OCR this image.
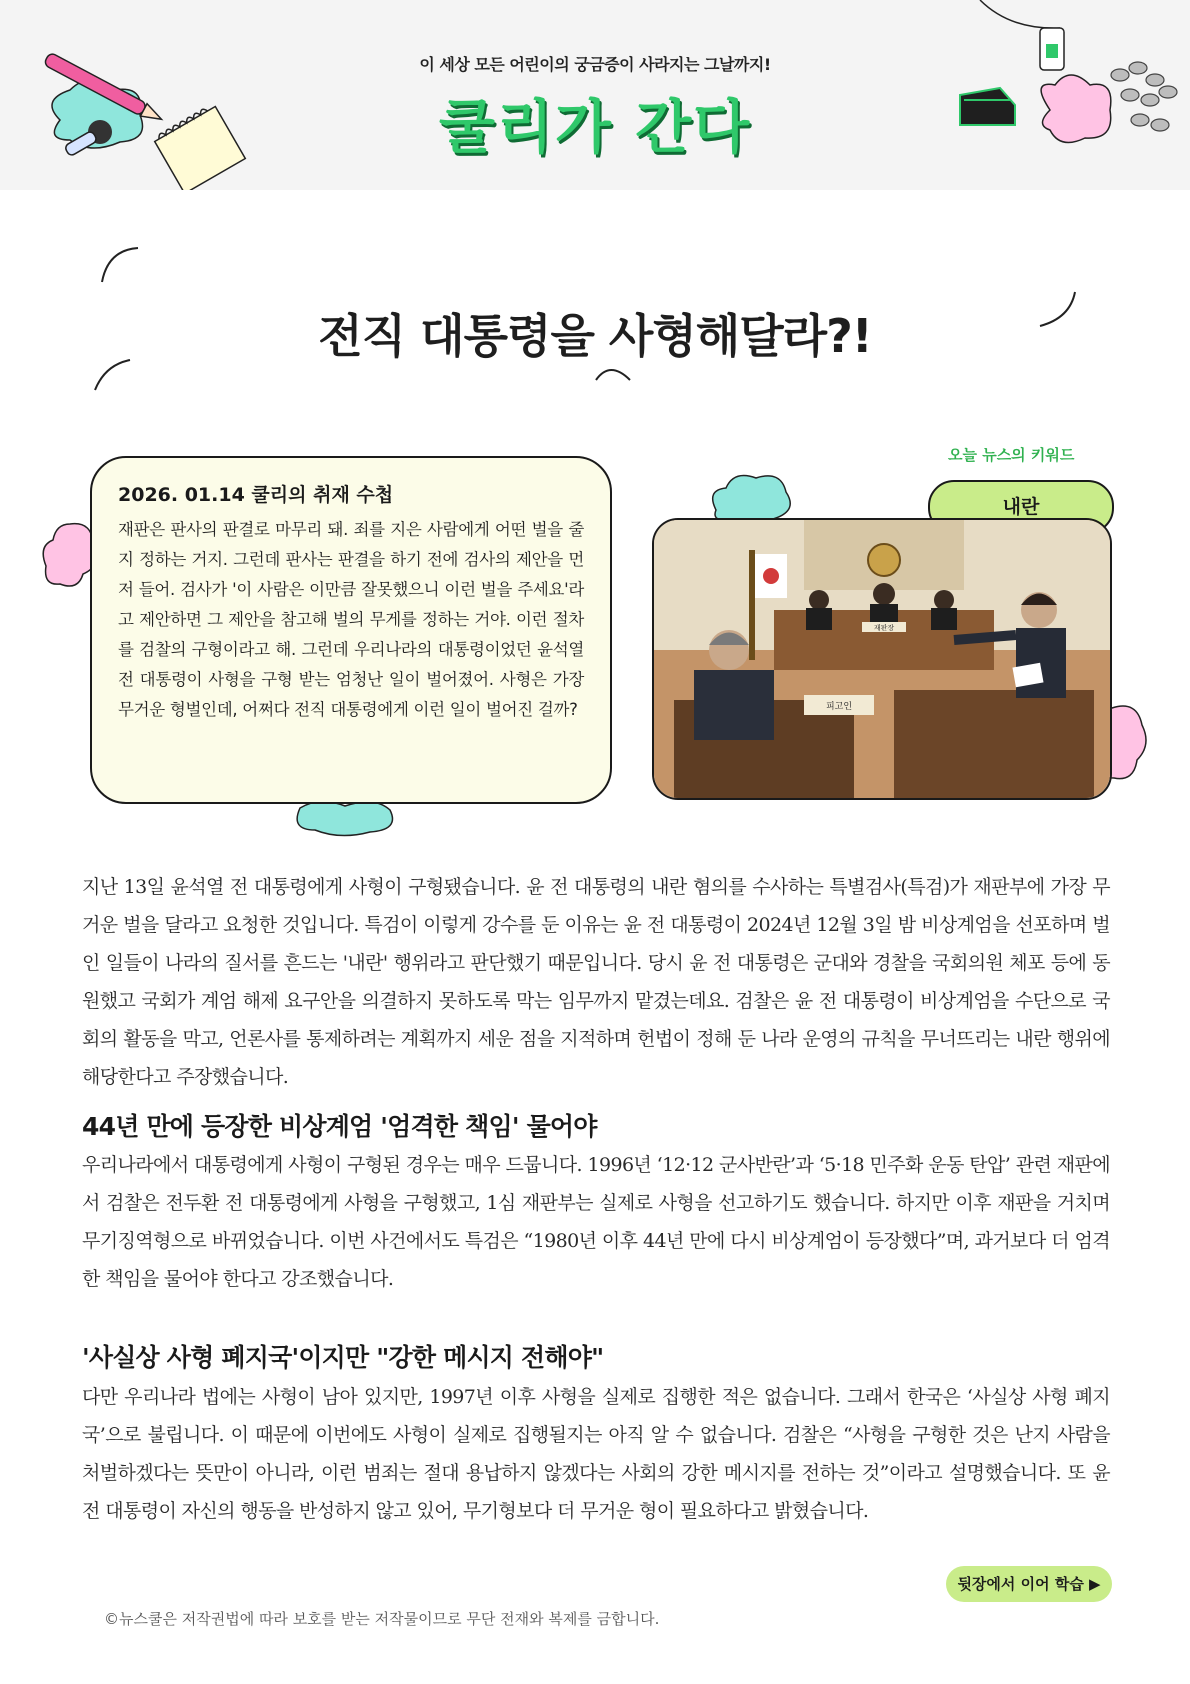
이 세상 모든 어린이의 궁금증이 사라지는 그날까지!
쿨리가 간다
전직 대통령을 사형해달라?!
2026. 01.14 쿨리의 취재 수첩
재판은 판사의 판결로 마무리 돼. 죄를 지은 사람에게 어떤 벌을 줄지 정하는 거지. 그런데 판사는 판결을 하기 전에 검사의 제안을 먼저 들어. 검사가 '이 사람은 이만큼 잘못했으니 이런 벌을 주세요'라고 제안하면 그 제안을 참고해 벌의 무게를 정하는 거야. 이런 절차를 검찰의 구형이라고 해. 그런데 우리나라의 대통령이었던 윤석열 전 대통령이 사형을 구형 받는 엄청난 일이 벌어졌어. 사형은 가장 무거운 형벌인데, 어쩌다 전직 대통령에게 이런 일이 벌어진 걸까?
오늘 뉴스의 키워드
내란
재판장
피고인

지난 13일 윤석열 전 대통령에게 사형이 구형됐습니다. 윤 전 대통령의 내란 혐의를 수사하는 특별검사(특검)가 재판부에 가장 무거운 벌을 달라고 요청한 것입니다. 특검이 이렇게 강수를 둔 이유는 윤 전 대통령이 2024년 12월 3일 밤 비상계엄을 선포하며 벌인 일들이 나라의 질서를 흔드는 '내란' 행위라고 판단했기 때문입니다. 당시 윤 전 대통령은 군대와 경찰을 국회의원 체포 등에 동원했고 국회가 계엄 해제 요구안을 의결하지 못하도록 막는 임무까지 맡겼는데요. 검찰은 윤 전 대통령이 비상계엄을 수단으로 국회의 활동을 막고, 언론사를 통제하려는 계획까지 세운 점을 지적하며 헌법이 정해 둔 나라 운영의 규칙을 무너뜨리는 내란 행위에 해당한다고 주장했습니다.

44년 만에 등장한 비상계엄 '엄격한 책임' 물어야

우리나라에서 대통령에게 사형이 구형된 경우는 매우 드뭅니다. 1996년 ‘12·12 군사반란’과 ‘5·18 민주화 운동 탄압’ 관련 재판에서 검찰은 전두환 전 대통령에게 사형을 구형했고, 1심 재판부는 실제로 사형을 선고하기도 했습니다. 하지만 이후 재판을 거치며 무기징역형으로 바뀌었습니다. 이번 사건에서도 특검은 “1980년 이후 44년 만에 다시 비상계엄이 등장했다”며, 과거보다 더 엄격한 책임을 물어야 한다고 강조했습니다.

'사실상 사형 폐지국'이지만 "강한 메시지 전해야"

다만 우리나라 법에는 사형이 남아 있지만, 1997년 이후 사형을 실제로 집행한 적은 없습니다. 그래서 한국은 ‘사실상 사형 폐지국’으로 불립니다. 이 때문에 이번에도 사형이 실제로 집행될지는 아직 알 수 없습니다. 검찰은 “사형을 구형한 것은 난지 사람을 처벌하겠다는 뜻만이 아니라, 이런 범죄는 절대 용납하지 않겠다는 사회의 강한 메시지를 전하는 것”이라고 설명했습니다. 또 윤 전 대통령이 자신의 행동을 반성하지 않고 있어, 무기형보다 더 무거운 형이 필요하다고 밝혔습니다.

뒷장에서 이어 학습 ▶
©뉴스쿨은 저작권법에 따라 보호를 받는 저작물이므로 무단 전재와 복제를 금합니다.
